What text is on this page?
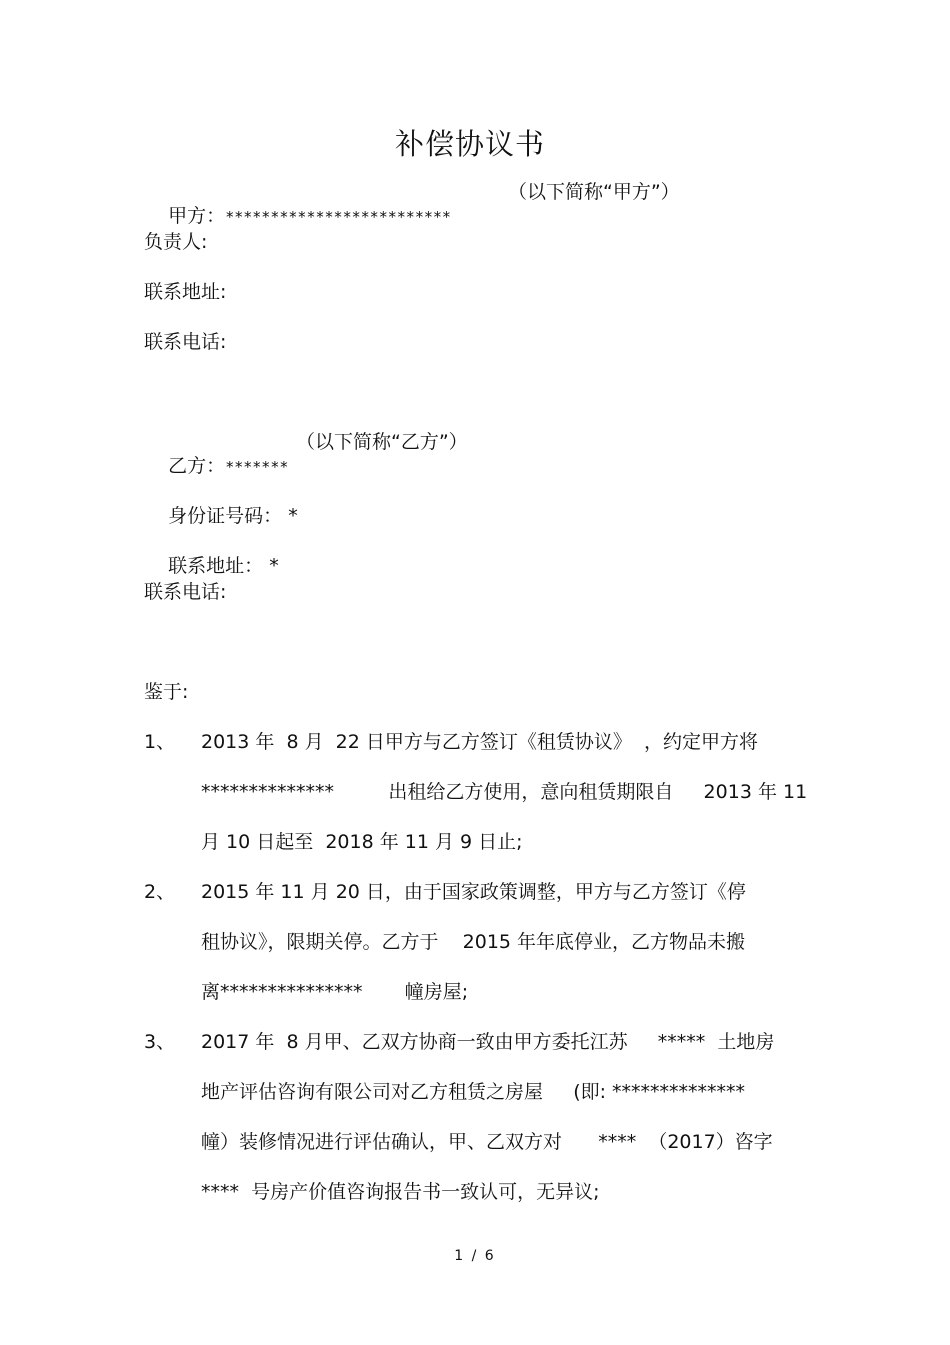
补偿协议书

甲方：*************************

（以下简称“甲方”）
负责人:
联系地址:
联系电话:

乙方：*******

（以下简称“乙方”）

身份证号码： *

联系地址： *

联系电话:
鉴于:
1、 2013 年  8 月  22 日甲方与乙方签订《租赁协议》  ，约定甲方将
**************         出租给乙方使用，意向租赁期限自     2013 年 11
月 10 日起至  2018 年 11 月 9 日止;
2、 2015 年 11 月 20 日，由于国家政策调整，甲方与乙方签订《停
租协议》，限期关停。乙方于    2015 年年底停业，乙方物品未搬
离***************       幢房屋;
3、 2017 年  8 月甲、乙双方协商一致由甲方委托江苏     *****  土地房
地产评估咨询有限公司对乙方租赁之房屋     (即: **************
幢）装修情况进行评估确认，甲、乙双方对      ****  （2017）咨字
****  号房产价值咨询报告书一致认可，无异议;
1 / 6
